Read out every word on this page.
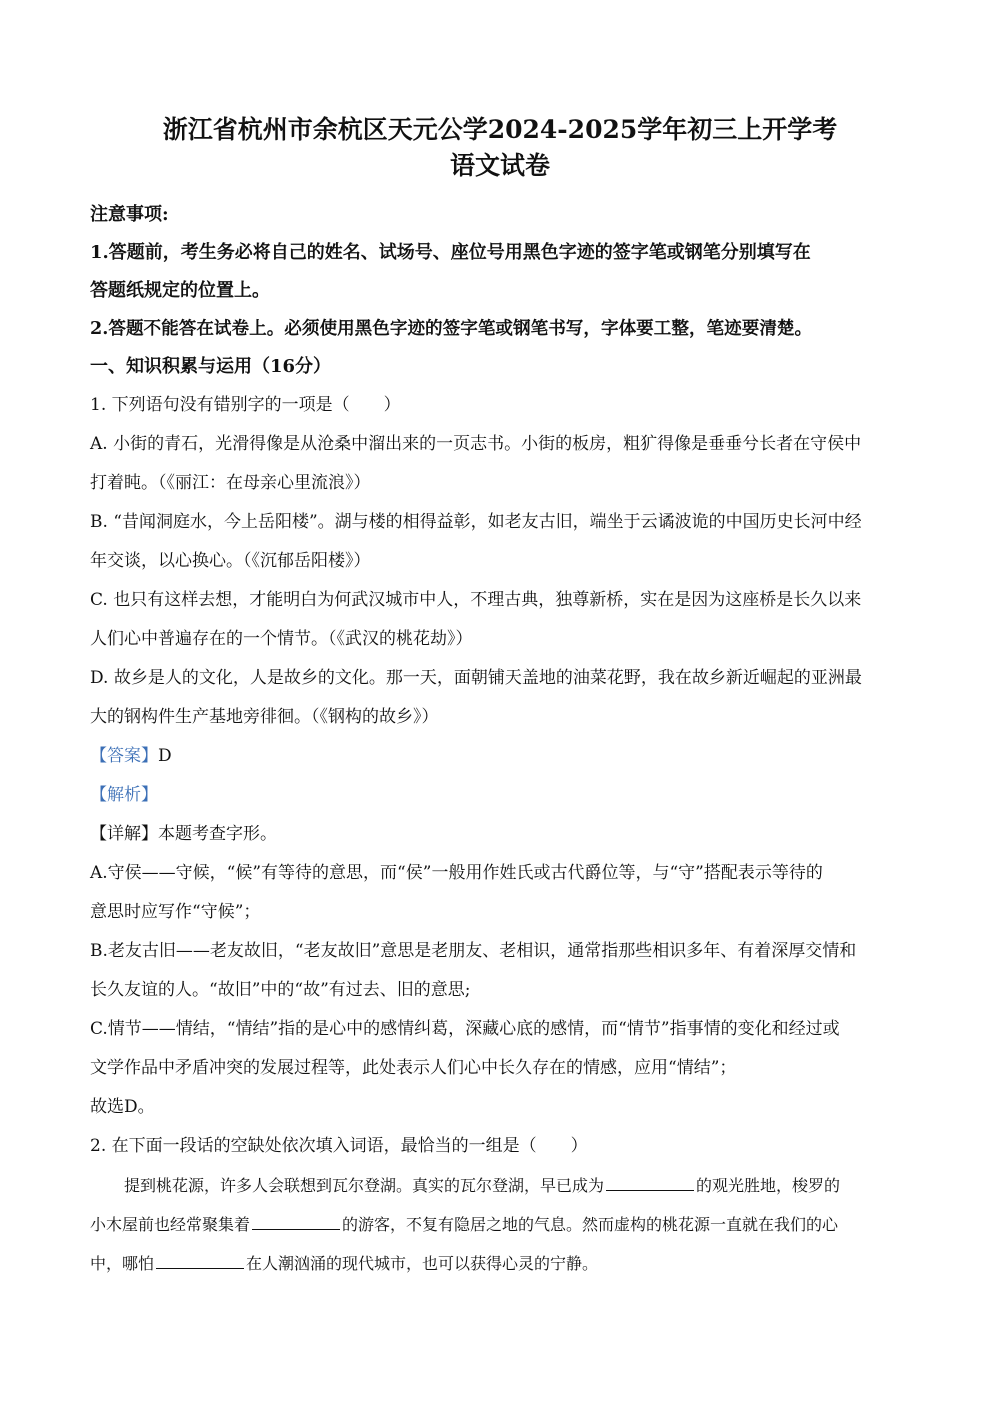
浙江省杭州市余杭区天元公学2024-2025学年初三上开学考
语文试卷

注意事项:

1.答题前，考生务必将自己的姓名、试场号、座位号用黑色字迹的签字笔或钢笔分别填写在

答题纸规定的位置上。

2.答题不能答在试卷上。必须使用黑色字迹的签字笔或钢笔书写，字体要工整，笔迹要清楚。

一、知识积累与运用（16分）

1. 下列语句没有错别字的一项是（　　）

A. 小街的青石，光滑得像是从沧桑中溜出来的一页志书。小街的板房，粗犷得像是垂垂兮长者在守侯中

打着盹。（《丽江：在母亲心里流浪》）

B. “昔闻洞庭水，今上岳阳楼”。湖与楼的相得益彰，如老友古旧，端坐于云谲波诡的中国历史长河中经

年交谈，以心换心。（《沉郁岳阳楼》）

C. 也只有这样去想，才能明白为何武汉城市中人，不理古典，独尊新桥，实在是因为这座桥是长久以来

人们心中普遍存在的一个情节。（《武汉的桃花劫》）

D. 故乡是人的文化，人是故乡的文化。那一天，面朝铺天盖地的油菜花野，我在故乡新近崛起的亚洲最

大的钢构件生产基地旁徘徊。（《钢构的故乡》）

【答案】D

【解析】

【详解】本题考查字形。

A.守侯——守候，“候”有等待的意思，而“侯”一般用作姓氏或古代爵位等，与“守”搭配表示等待的

意思时应写作“守候”；

B.老友古旧——老友故旧，“老友故旧”意思是老朋友、老相识，通常指那些相识多年、有着深厚交情和

长久友谊的人。“故旧”中的“故”有过去、旧的意思;

C.情节——情结，“情结”指的是心中的感情纠葛，深藏心底的感情，而“情节”指事情的变化和经过或

文学作品中矛盾冲突的发展过程等，此处表示人们心中长久存在的情感，应用“情结”；

故选D。

2. 在下面一段话的空缺处依次填入词语，最恰当的一组是（　　）

提到桃花源，许多人会联想到瓦尔登湖。真实的瓦尔登湖，早已成为	的观光胜地，梭罗的

小木屋前也经常聚集着	的游客，不复有隐居之地的气息。然而虚构的桃花源一直就在我们的心

中，哪怕	在人潮汹涌的现代城市，也可以获得心灵的宁静。
